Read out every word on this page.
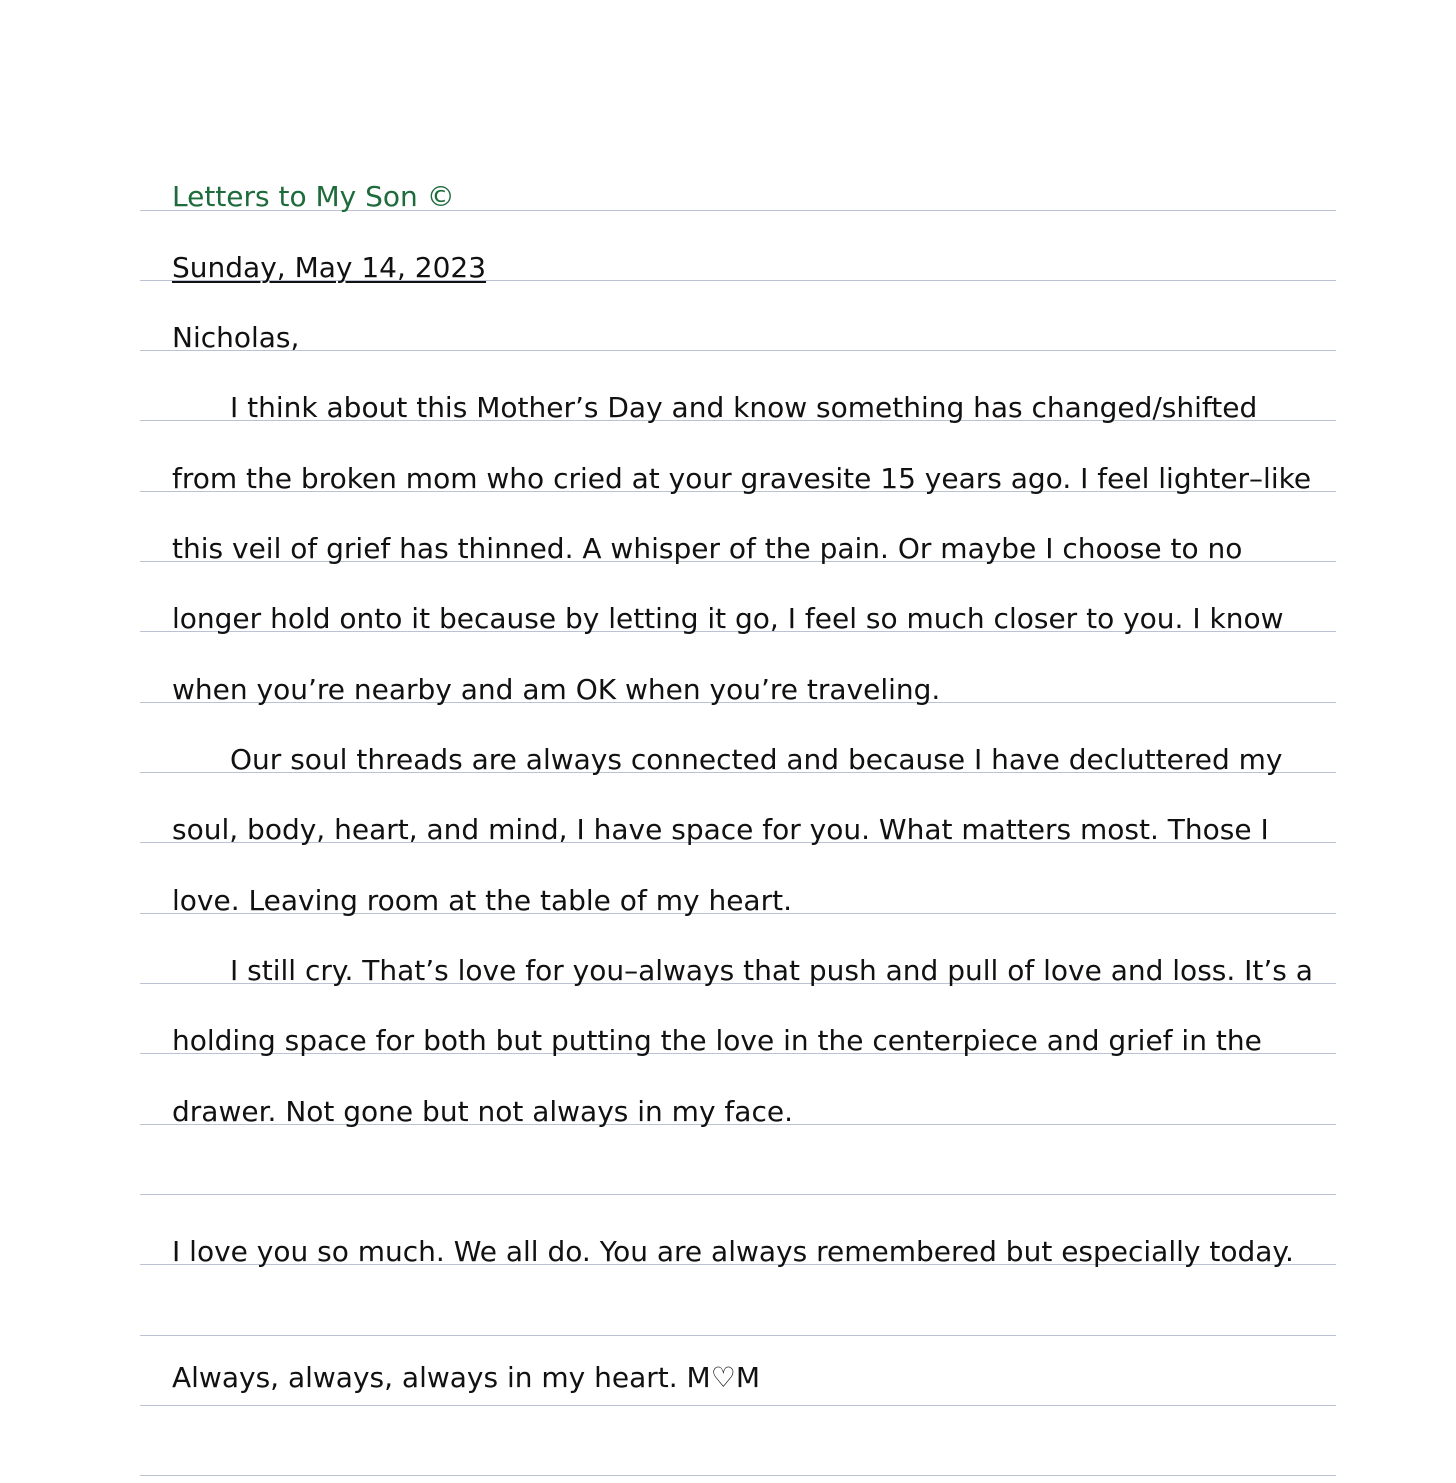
Letters to My Son ©
Sunday, May 14, 2023
Nicholas,
I think about this Mother’s Day and know something has changed/shifted
from the broken mom who cried at your gravesite 15 years ago. I feel lighter–like
this veil of grief has thinned. A whisper of the pain. Or maybe I choose to no
longer hold onto it because by letting it go, I feel so much closer to you. I know
when you’re nearby and am OK when you’re traveling.
Our soul threads are always connected and because I have decluttered my
soul, body, heart, and mind, I have space for you. What matters most. Those I
love. Leaving room at the table of my heart.
I still cry. That’s love for you–always that push and pull of love and loss. It’s a
holding space for both but putting the love in the centerpiece and grief in the
drawer. Not gone but not always in my face.
I love you so much. We all do. You are always remembered but especially today.
Always, always, always in my heart. M♡M
